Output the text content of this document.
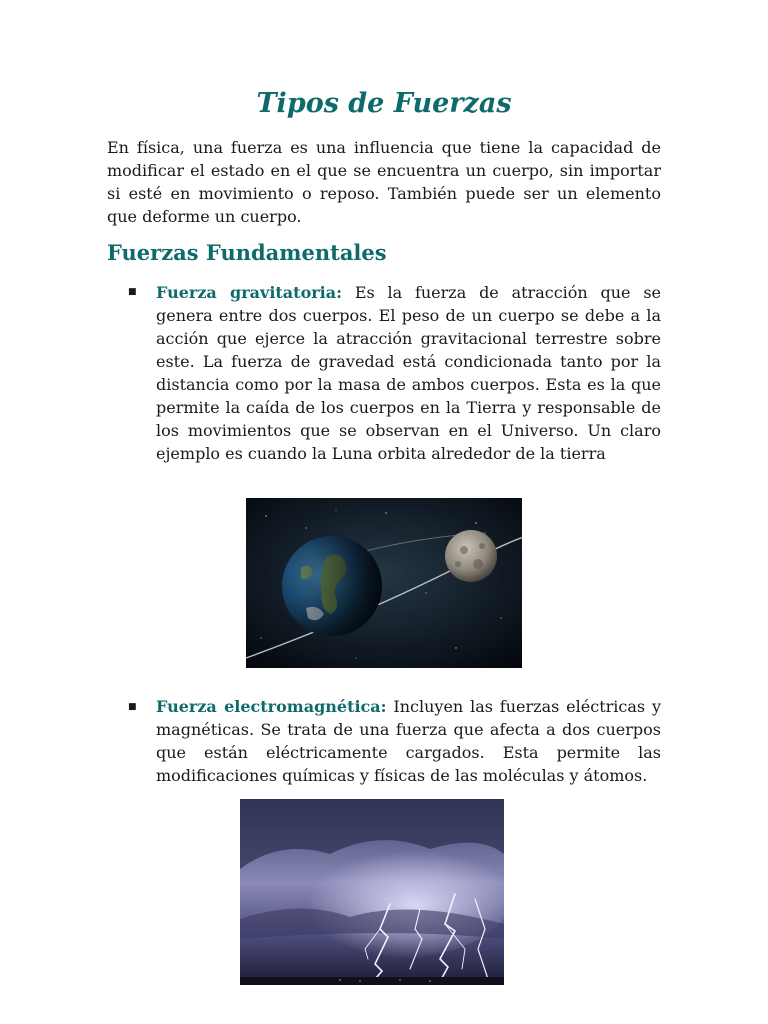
Tipos de Fuerzas

En física, una fuerza es una influencia que tiene la capacidad de modificar el estado en el que se encuentra un cuerpo, sin importar si esté en movimiento o reposo. También puede ser un elemento que deforme un cuerpo.

Fuerzas Fundamentales
■ Fuerza gravitatoria: Es la fuerza de atracción que se genera entre dos cuerpos. El peso de un cuerpo se debe a la acción que ejerce la atracción gravitacional terrestre sobre este. La fuerza de gravedad está condicionada tanto por la distancia como por la masa de ambos cuerpos. Esta es la que permite la caída de los cuerpos en la Tierra y responsable de los movimientos que se observan en el Universo. Un claro ejemplo es cuando la Luna orbita alrededor de la tierra

■ Fuerza electromagnética: Incluyen las fuerzas eléctricas y magnéticas. Se trata de una fuerza que afecta a dos cuerpos que están eléctricamente cargados. Esta permite las modificaciones químicas y físicas de las moléculas y átomos.
